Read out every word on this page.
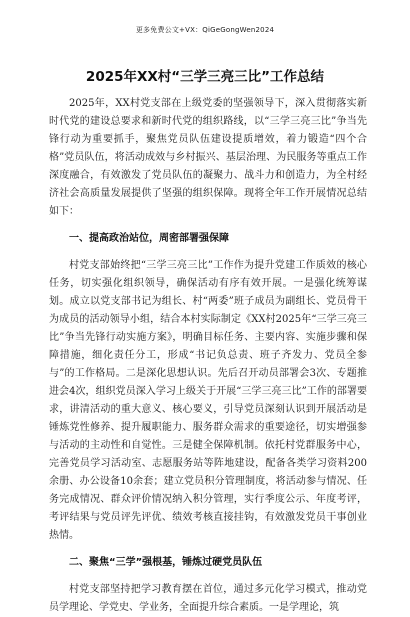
更多免费公文+VX：QiGeGongWen2024
2025年XX村“三学三亮三比”工作总结

2025年，XX村党支部在上级党委的坚强领导下，深入贯彻落实新时代党的建设总要求和新时代党的组织路线，以“三学三亮三比”争当先锋行动为重要抓手，聚焦党员队伍建设提质增效，着力锻造“四个合格”党员队伍，将活动成效与乡村振兴、基层治理、为民服务等重点工作深度融合，有效激发了党员队伍的凝聚力、战斗力和创造力，为全村经济社会高质量发展提供了坚强的组织保障。现将全年工作开展情况总结如下：

一、提高政治站位，周密部署强保障

村党支部始终把“三学三亮三比”工作作为提升党建工作质效的核心任务，切实强化组织领导，确保活动有序有效开展。一是强化统筹谋划。成立以党支部书记为组长、村“两委”班子成员为副组长、党员骨干为成员的活动领导小组，结合本村实际制定《XX村2025年“三学三亮三比”争当先锋行动实施方案》，明确目标任务、主要内容、实施步骤和保障措施，细化责任分工，形成“书记负总责、班子齐发力、党员全参与”的工作格局。二是深化思想认识。先后召开动员部署会3次、专题推进会4次，组织党员深入学习上级关于开展“三学三亮三比”工作的部署要求，讲清活动的重大意义、核心要义，引导党员深刻认识到开展活动是锤炼党性修养、提升履职能力、服务群众需求的重要途径，切实增强参与活动的主动性和自觉性。三是健全保障机制。依托村党群服务中心，完善党员学习活动室、志愿服务站等阵地建设，配备各类学习资料200余册、办公设备10余套；建立党员积分管理制度，将活动参与情况、任务完成情况、群众评价情况纳入积分管理，实行季度公示、年度考评，考评结果与党员评先评优、绩效考核直接挂钩，有效激发党员干事创业热情。

二、聚焦“三学”强根基，锤炼过硬党员队伍

村党支部坚持把学习教育摆在首位，通过多元化学习模式，推动党员学理论、学党史、学业务，全面提升综合素质。一是学理论，筑
